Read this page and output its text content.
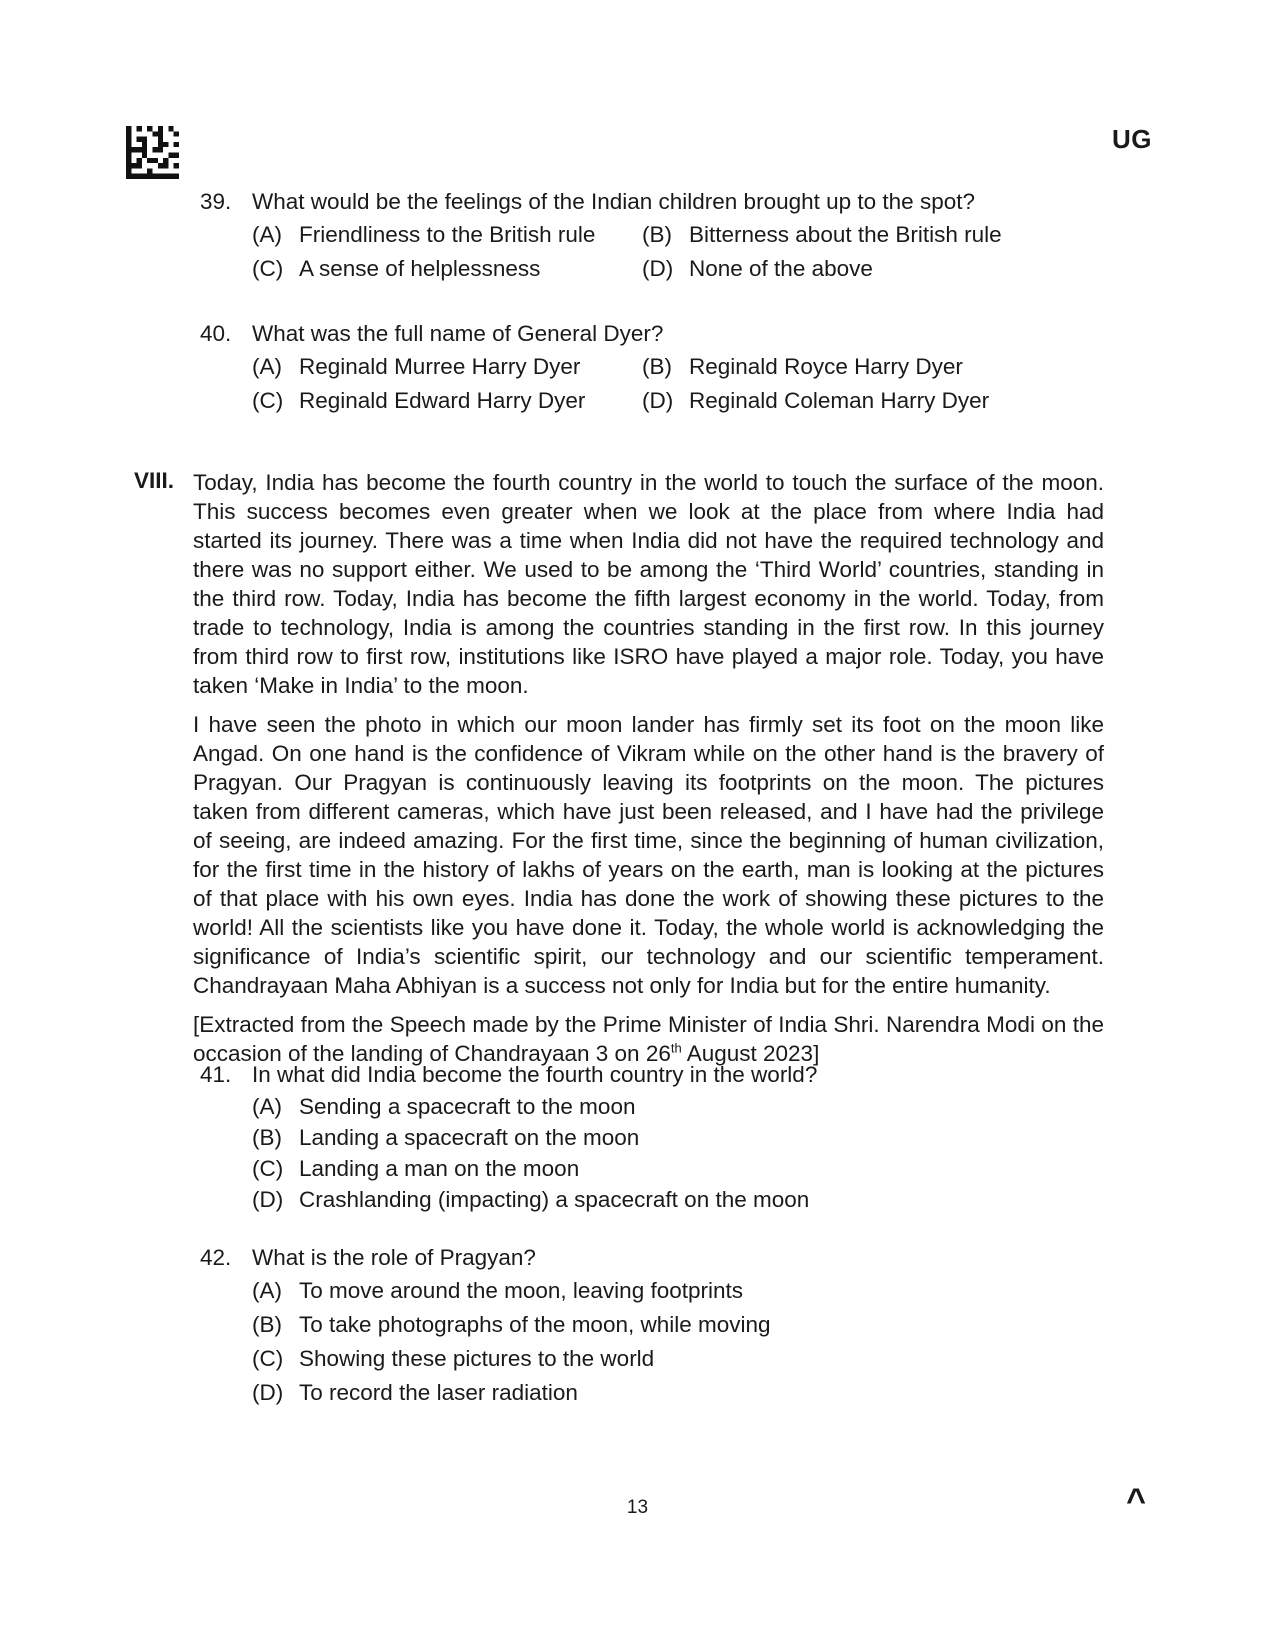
UG
39. What would be the feelings of the Indian children brought up to the spot?
(A) Friendliness to the British rule (B) Bitterness about the British rule
(C) A sense of helplessness	(D) None of the above
40. What was the full name of General Dyer?
(A) Reginald Murree Harry Dyer	(B) Reginald Royce Harry Dyer
(C) Reginald Edward Harry Dyer	(D) Reginald Coleman Harry Dyer
VIII. Today, India has become the fourth country in the world to touch the surface of the moon. This success becomes even greater when we look at the place from where India had started its journey. There was a time when India did not have the required technology and there was no support either. We used to be among the ‘Third World’ countries, standing in the third row. Today, India has become the fifth largest economy in the world. Today, from trade to technology, India is among the countries standing in the first row. In this journey from third row to first row, institutions like ISRO have played a major role. Today, you have taken ‘Make in India’ to the moon.

I have seen the photo in which our moon lander has firmly set its foot on the moon like Angad. On one hand is the confidence of Vikram while on the other hand is the bravery of Pragyan. Our Pragyan is continuously leaving its footprints on the moon. The pictures taken from different cameras, which have just been released, and I have had the privilege of seeing, are indeed amazing. For the first time, since the beginning of human civilization, for the first time in the history of lakhs of years on the earth, man is looking at the pictures of that place with his own eyes. India has done the work of showing these pictures to the world! All the scientists like you have done it. Today, the whole world is acknowledging the significance of India’s scientific spirit, our technology and our scientific temperament. Chandrayaan Maha Abhiyan is a success not only for India but for the entire humanity.

[Extracted from the Speech made by the Prime Minister of India Shri. Narendra Modi on the occasion of the landing of Chandrayaan 3 on 26th August 2023]

41. In what did India become the fourth country in the world?
(A) Sending a spacecraft to the moon
(B) Landing a spacecraft on the moon
(C) Landing a man on the moon
(D) Crashlanding (impacting) a spacecraft on the moon
42. What is the role of Pragyan?
(A) To move around the moon, leaving footprints
(B) To take photographs of the moon, while moving
(C) Showing these pictures to the world
(D) To record the laser radiation
13	^
